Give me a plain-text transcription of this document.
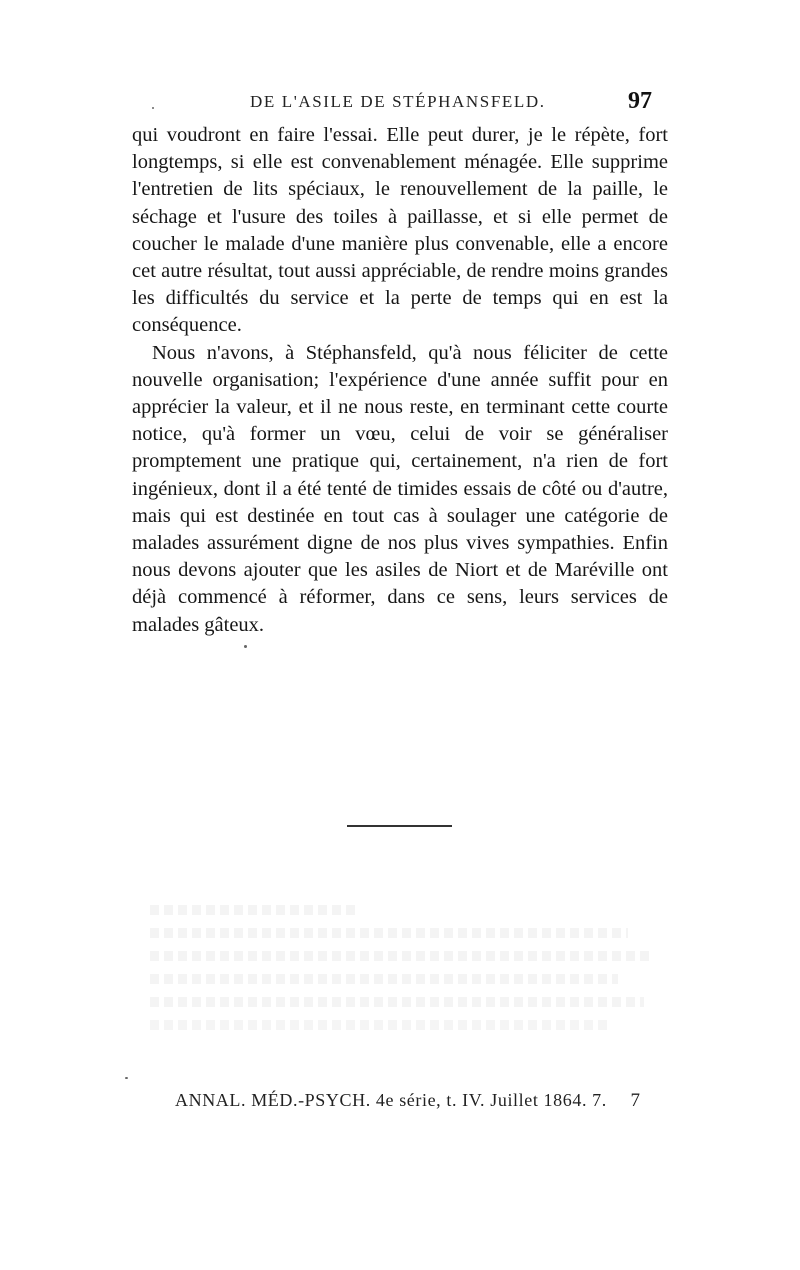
DE L'ASILE DE STÉPHANSFELD.	97

qui voudront en faire l'essai. Elle peut durer, je le répète, fort longtemps, si elle est convenablement ménagée. Elle supprime l'entretien de lits spéciaux, le renouvellement de la paille, le séchage et l'usure des toiles à paillasse, et si elle permet de coucher le malade d'une manière plus convenable, elle a encore cet autre résultat, tout aussi appréciable, de rendre moins grandes les difficultés du service et la perte de temps qui en est la conséquence.

Nous n'avons, à Stéphansfeld, qu'à nous féliciter de cette nouvelle organisation; l'expérience d'une année suffit pour en apprécier la valeur, et il ne nous reste, en terminant cette courte notice, qu'à former un vœu, celui de voir se généraliser promptement une pratique qui, certainement, n'a rien de fort ingénieux, dont il a été tenté de timides essais de côté ou d'autre, mais qui est destinée en tout cas à soulager une catégorie de malades assurément digne de nos plus vives sympathies. Enfin nous devons ajouter que les asiles de Niort et de Maréville ont déjà commencé à réformer, dans ce sens, leurs services de malades gâteux.

ANNAL. MÉD.-PSYCH. 4e série, t. IV. Juillet 1864. 7. 7
